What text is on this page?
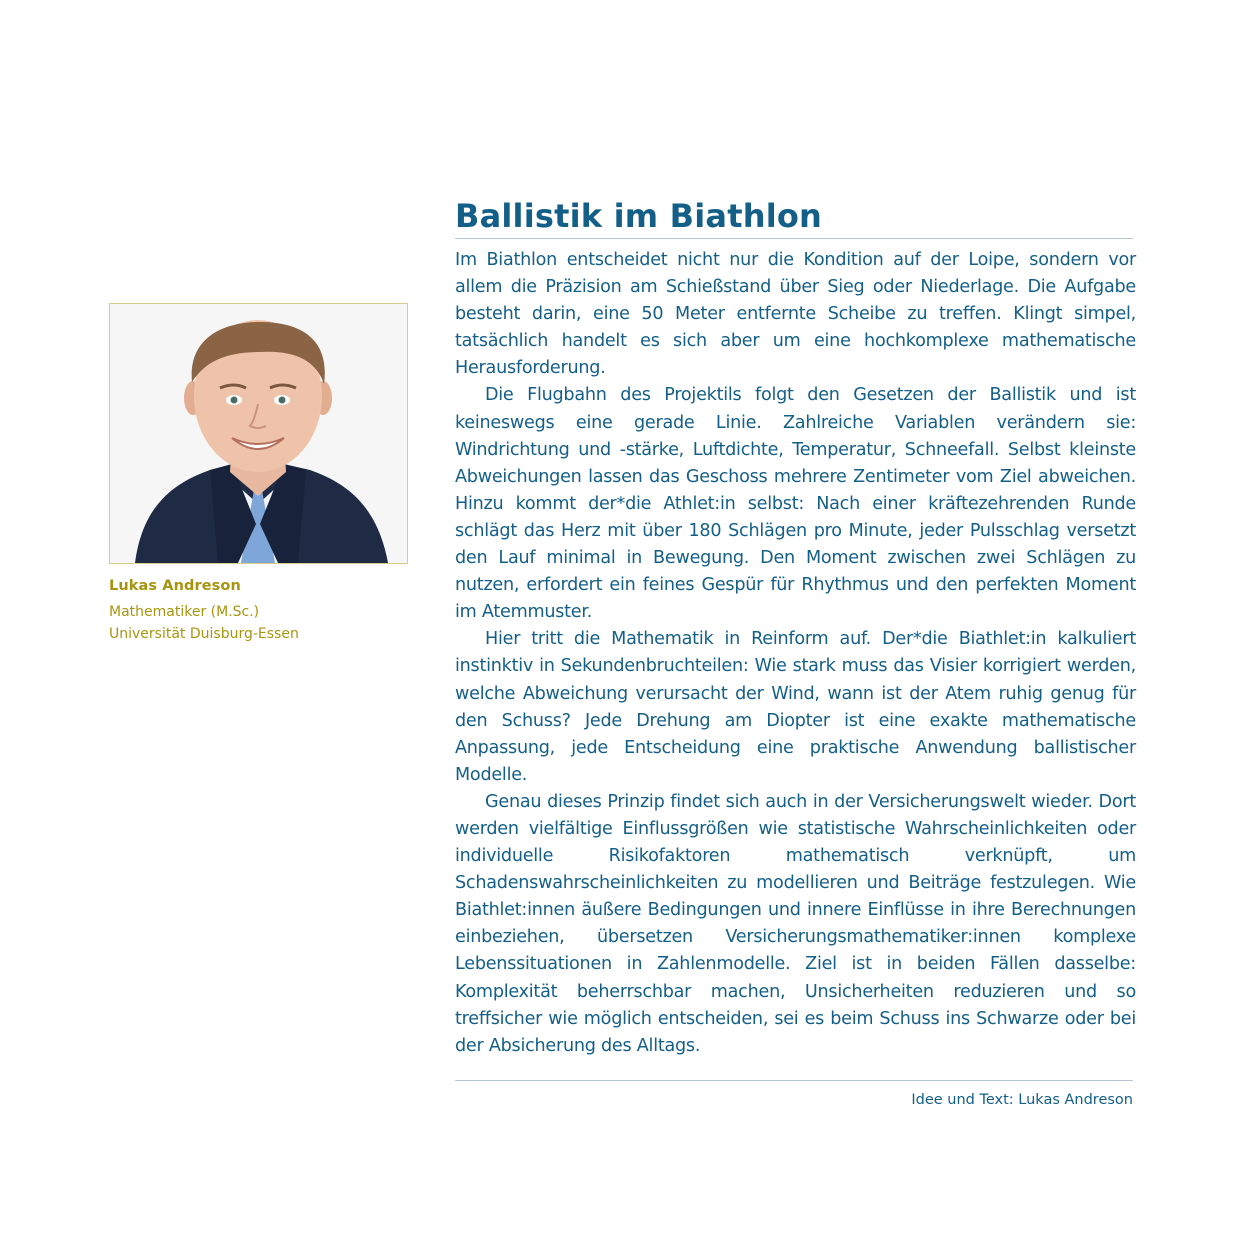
Lukas Andreson
Mathematiker (M.Sc.)
Universität Duisburg-Essen
Ballistik im Biathlon

Im Biathlon entscheidet nicht nur die Kondition auf der Loipe, sondern vor allem die Präzision am Schießstand über Sieg oder Niederlage. Die Aufgabe besteht darin, eine 50 Meter entfernte Scheibe zu treffen. Klingt simpel, tatsächlich handelt es sich aber um eine hochkomplexe mathematische Herausforderung.

Die Flugbahn des Projektils folgt den Gesetzen der Ballistik und ist keineswegs eine gerade Linie. Zahlreiche Variablen verändern sie: Windrichtung und -stärke, Luftdichte, Temperatur, Schneefall. Selbst kleinste Abweichungen lassen das Geschoss mehrere Zentimeter vom Ziel abweichen. Hinzu kommt der*die Athlet:in selbst: Nach einer kräftezehrenden Runde schlägt das Herz mit über 180 Schlägen pro Minute, jeder Pulsschlag versetzt den Lauf minimal in Bewegung. Den Moment zwischen zwei Schlägen zu nutzen, erfordert ein feines Gespür für Rhythmus und den perfekten Moment im Atemmuster.

Hier tritt die Mathematik in Reinform auf. Der*die Biathlet:in kalkuliert instinktiv in Sekundenbruchteilen: Wie stark muss das Visier korrigiert werden, welche Abweichung verursacht der Wind, wann ist der Atem ruhig genug für den Schuss? Jede Drehung am Diopter ist eine exakte mathematische Anpassung, jede Entscheidung eine praktische Anwendung ballistischer Modelle.

Genau dieses Prinzip findet sich auch in der Versicherungswelt wieder. Dort werden vielfältige Einflussgrößen wie statistische Wahrscheinlichkeiten oder individuelle Risikofaktoren mathematisch verknüpft, um Schadenswahrscheinlichkeiten zu modellieren und Beiträge festzulegen. Wie Biathlet:innen äußere Bedingungen und innere Einflüsse in ihre Berechnungen einbeziehen, übersetzen Versicherungsmathematiker:innen komplexe Lebenssituationen in Zahlenmodelle. Ziel ist in beiden Fällen dasselbe: Komplexität beherrschbar machen, Unsicherheiten reduzieren und so treffsicher wie möglich entscheiden, sei es beim Schuss ins Schwarze oder bei der Absicherung des Alltags.

Idee und Text: Lukas Andreson
